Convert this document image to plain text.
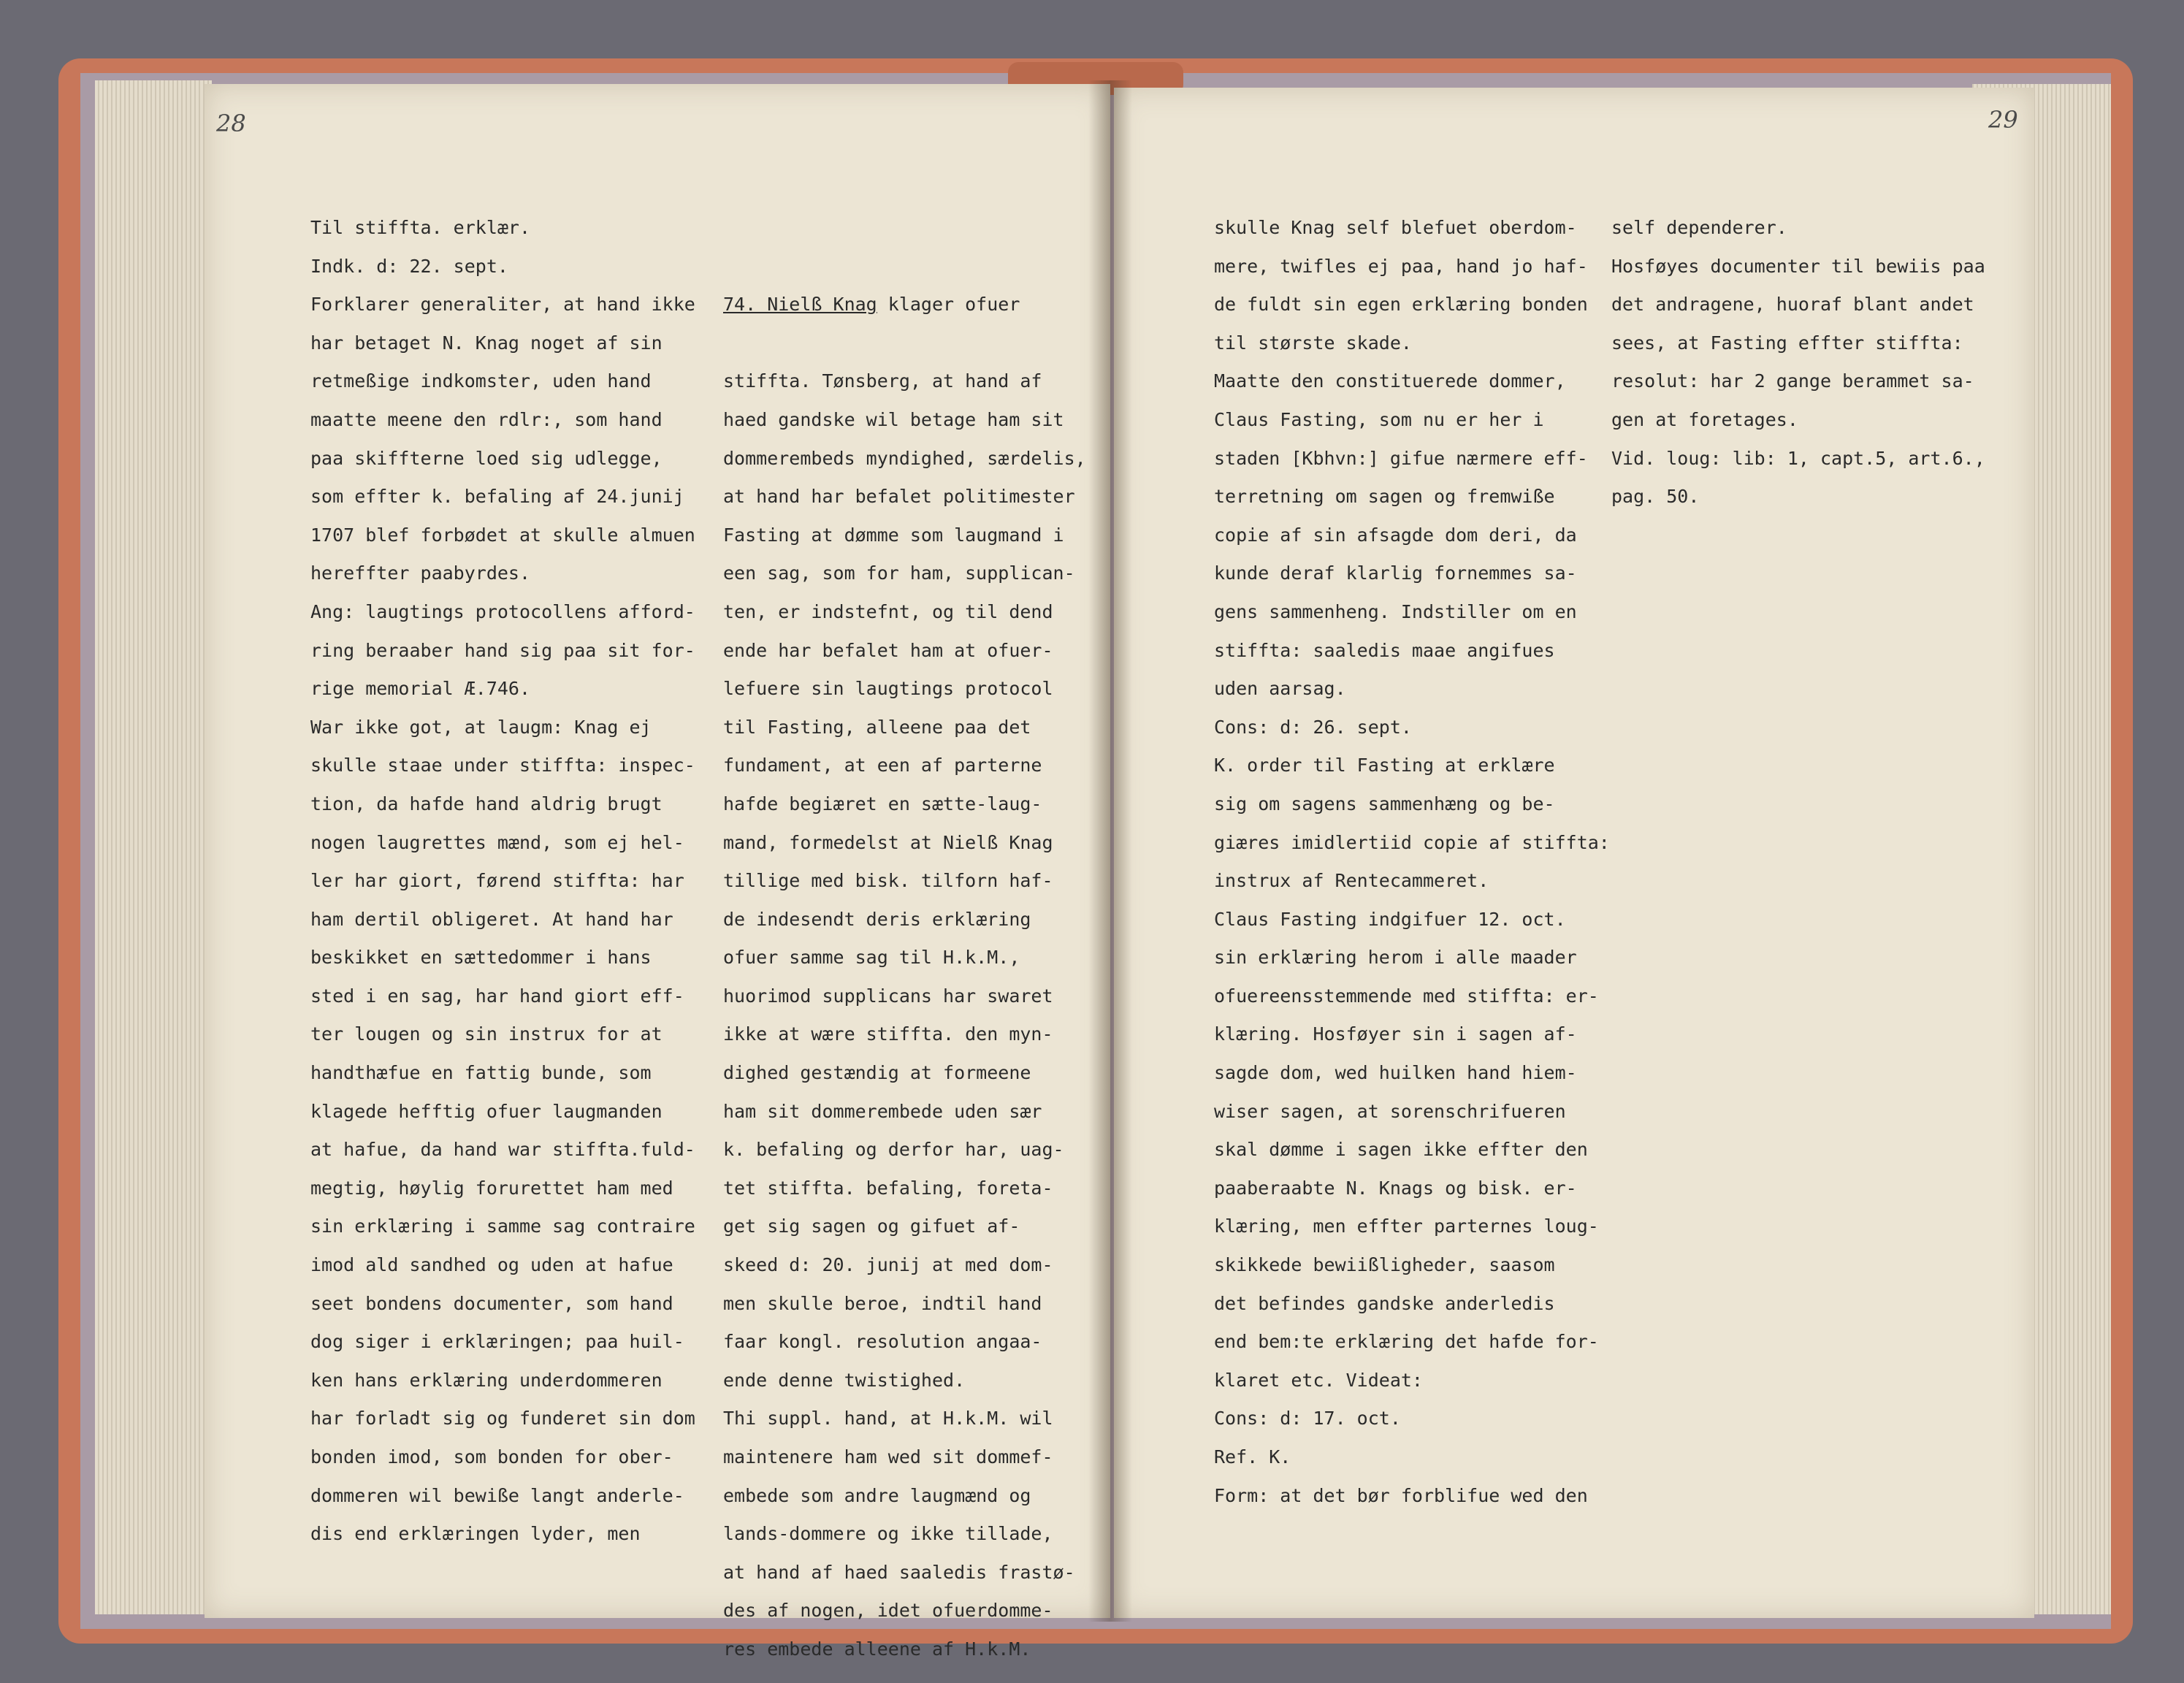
28	29
Til stiffta. erklær.
Indk. d: 22. sept.
Forklarer generaliter, at hand ikke
har betaget N. Knag noget af sin
retmeßige indkomster, uden hand
maatte meene den rdlr:, som hand
paa skiffterne loed sig udlegge,
som effter k. befaling af 24.junij
1707 blef forbødet at skulle almuen
hereffter paabyrdes.
Ang: laugtings protocollens afford-
ring beraaber hand sig paa sit for-
rige memorial Æ.746.
War ikke got, at laugm: Knag ej
skulle staae under stiffta: inspec-
tion, da hafde hand aldrig brugt
nogen laugrettes mænd, som ej hel-
ler har giort, førend stiffta: har
ham dertil obligeret. At hand har
beskikket en sættedommer i hans
sted i en sag, har hand giort eff-
ter lougen og sin instrux for at
handthæfue en fattig bunde, som
klagede hefftig ofuer laugmanden
at hafue, da hand war stiffta.fuld-
megtig, høylig forurettet ham med
sin erklæring i samme sag contraire
imod ald sandhed og uden at hafue
seet bondens documenter, som hand
dog siger i erklæringen; paa huil-
ken hans erklæring underdommeren
har forladt sig og funderet sin dom
bonden imod, som bonden for ober-
dommeren wil bewiße langt anderle-
dis end erklæringen lyder, men

74. Nielß Knag klager ofuer

stiffta. Tønsberg, at hand af
haed gandske wil betage ham sit
dommerembeds myndighed, særdelis,
at hand har befalet politimester
Fasting at dømme som laugmand i
een sag, som for ham, supplican-
ten, er indstefnt, og til dend
ende har befalet ham at ofuer-
lefuere sin laugtings protocol
til Fasting, alleene paa det
fundament, at een af parterne
hafde begiæret en sætte-laug-
mand, formedelst at Nielß Knag
tillige med bisk. tilforn haf-
de indesendt deris erklæring
ofuer samme sag til H.k.M.,
huorimod supplicans har swaret
ikke at wære stiffta. den myn-
dighed gestændig at formeene
ham sit dommerembede uden sær
k. befaling og derfor har, uag-
tet stiffta. befaling, foreta-
get sig sagen og gifuet af-
skeed d: 20. junij at med dom-
men skulle beroe, indtil hand
faar kongl. resolution angaa-
ende denne twistighed.
Thi suppl. hand, at H.k.M. wil
maintenere ham wed sit dommef-
embede som andre laugmænd og
lands-dommere og ikke tillade,
at hand af haed saaledis frastø-
des af nogen, idet ofuerdomme-
res embede alleene af H.k.M.
skulle Knag self blefuet oberdom-
mere, twifles ej paa, hand jo haf-
de fuldt sin egen erklæring bonden
til største skade.
Maatte den constituerede dommer,
Claus Fasting, som nu er her i
staden [Kbhvn:] gifue nærmere eff-
terretning om sagen og fremwiße
copie af sin afsagde dom deri, da
kunde deraf klarlig fornemmes sa-
gens sammenheng. Indstiller om en
stiffta: saaledis maae angifues
uden aarsag.
Cons: d: 26. sept.
K. order til Fasting at erklære
sig om sagens sammenhæng og be-
giæres imidlertiid copie af stiffta:
instrux af Rentecammeret.
Claus Fasting indgifuer 12. oct.
sin erklæring herom i alle maader
ofuereensstemmende med stiffta: er-
klæring. Hosføyer sin i sagen af-
sagde dom, wed huilken hand hiem-
wiser sagen, at sorenschrifueren
skal dømme i sagen ikke effter den
paaberaabte N. Knags og bisk. er-
klæring, men effter parternes loug-
skikkede bewiißligheder, saasom
det befindes gandske anderledis
end bem:te erklæring det hafde for-
klaret etc. Videat:
Cons: d: 17. oct.
Ref. K.
Form: at det bør forblifue wed den
self dependerer.
Hosføyes documenter til bewiis paa
det andragene, huoraf blant andet
sees, at Fasting effter stiffta:
resolut: har 2 gange berammet sa-
gen at foretages.
Vid. loug: lib: 1, capt.5, art.6.,
pag. 50.
